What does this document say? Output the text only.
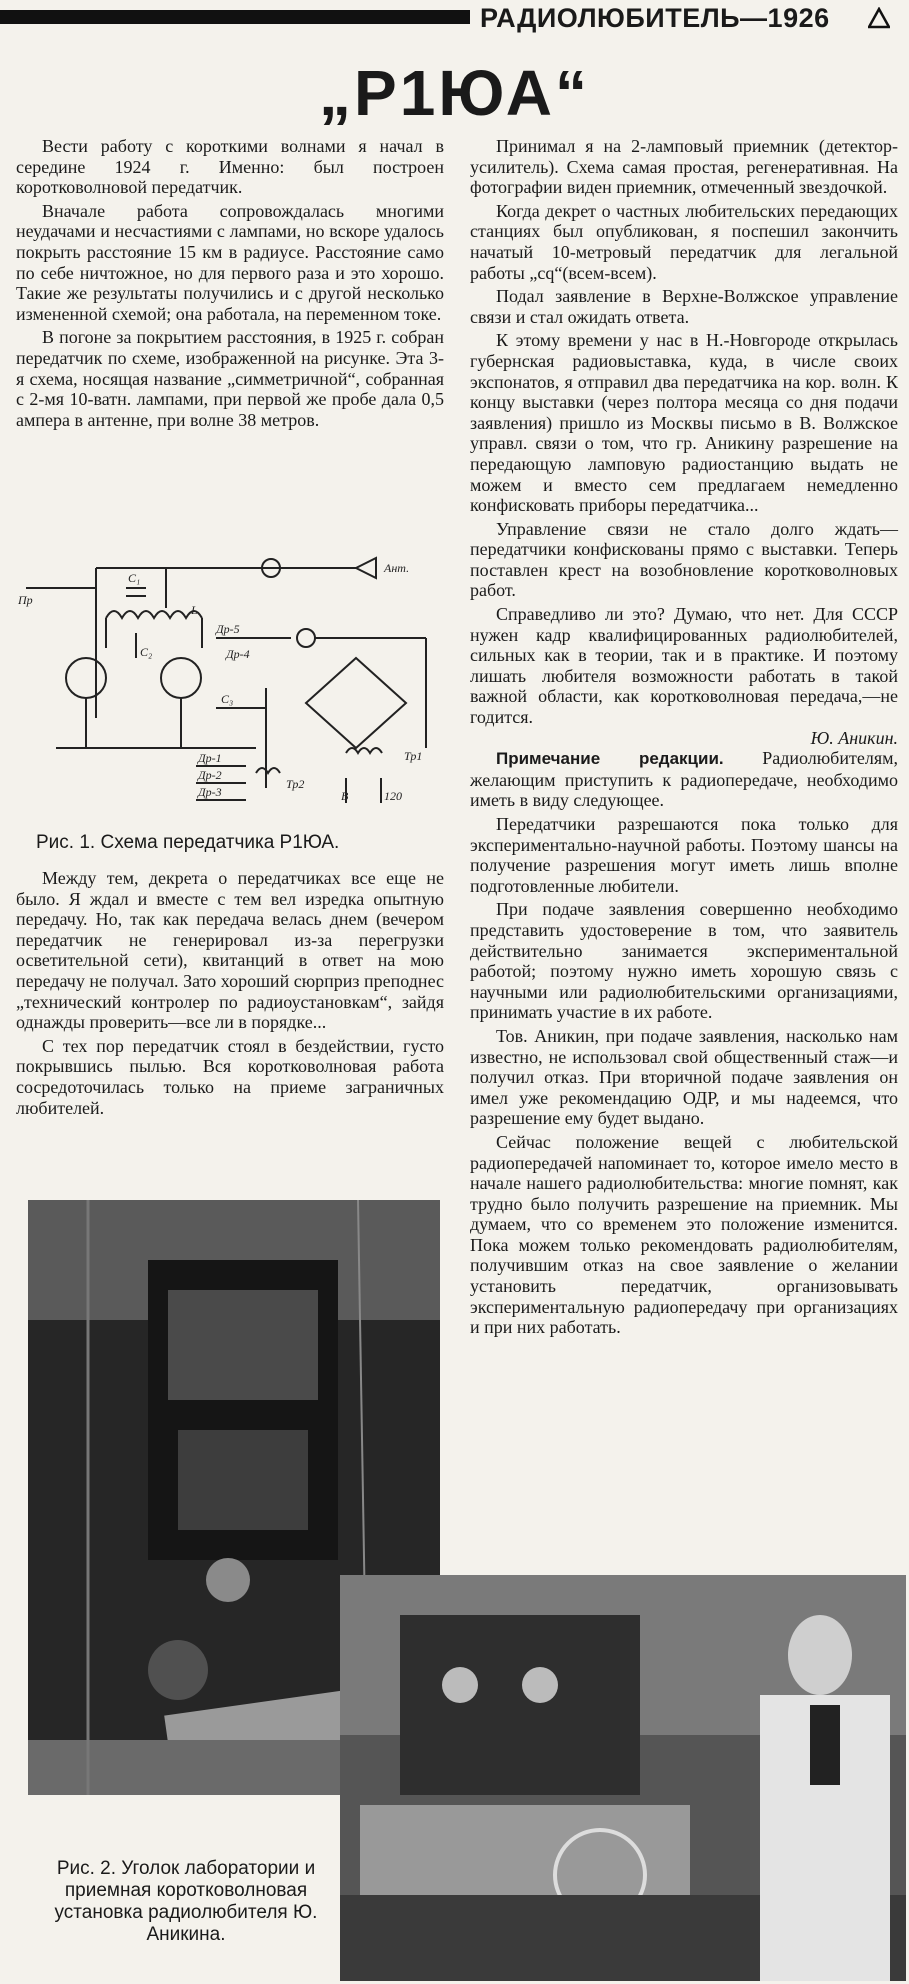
РАДИОЛЮБИТЕЛЬ—1926
„Р1ЮА“

Вести работу с короткими волнами я начал в середине 1924 г. Именно: был построен коротковолновой передатчик.

Вначале работа сопровождалась многими неудачами и несчастиями с лампами, но вскоре удалось покрыть расстояние 15 км в радиусе. Расстояние само по себе ничтожное, но для первого раза и это хорошо. Такие же результаты получились и с другой несколько измененной схемой; она работала, на переменном токе.

В погоне за покрытием расстояния, в 1925 г. собран передатчик по схеме, изображенной на рисунке. Эта 3-я схема, носящая название „симметричной“, собранная с 2-мя 10-ватн. лампами, при первой же пробе дала 0,5 ампера в антенне, при волне 38 метров.

Ант.
Пр
C₁
C₂
C₃
L
Др-4
Др-5
Др-1
Др-2
Др-3
Тр1
Тр2
В	120
Рис. 1. Схема передатчика Р1ЮА.

Между тем, декрета о передатчиках все еще не было. Я ждал и вместе с тем вел изредка опытную передачу. Но, так как передача велась днем (вечером передатчик не генерировал из-за перегрузки осветительной сети), квитанций в ответ на мою передачу не получал. Зато хороший сюрприз преподнес „технический контролер по радиоустановкам“, зайдя однажды проверить—все ли в порядке...

С тех пор передатчик стоял в бездействии, густо покрывшись пылью. Вся коротковолновая работа сосредоточилась только на приеме заграничных любителей.

Принимал я на 2-ламповый приемник (детектор-усилитель). Схема самая простая, регенеративная. На фотографии виден приемник, отмеченный звездочкой.

Когда декрет о частных любительских передающих станциях был опубликован, я поспешил закончить начатый 10-метровый передатчик для легальной работы „cq“(всем-всем).

Подал заявление в Верхне-Волжское управление связи и стал ожидать ответа.

К этому времени у нас в Н.-Новгороде открылась губернская радиовыставка, куда, в числе своих экспонатов, я отправил два передатчика на кор. волн. К концу выставки (через полтора месяца со дня подачи заявления) пришло из Москвы письмо в В. Волжское управл. связи о том, что гр. Аникину разрешение на передающую ламповую радиостанцию выдать не можем и вместо сем предлагаем немедленно конфисковать приборы передатчика...

Управление связи не стало долго ждать—передатчики конфискованы прямо с выставки. Теперь поставлен крест на возобновление коротковолновых работ.

Справедливо ли это? Думаю, что нет. Для СССР нужен кадр квалифицированных радиолюбителей, сильных как в теории, так и в практике. И поэтому лишать любителя возможности работать в такой важной области, как коротковолновая передача,—не годится.

Ю. Аникин.

Примечание редакции. Радиолюбителям, желающим приступить к радиопередаче, необходимо иметь в виду следующее.

Передатчики разрешаются пока только для экспериментально-научной работы. Поэтому шансы на получение разрешения могут иметь лишь вполне подготовленные любители.

При подаче заявления совершенно необходимо представить удостоверение в том, что заявитель действительно занимается экспериментальной работой; поэтому нужно иметь хорошую связь с научными или радиолюбительскими организациями, принимать участие в их работе.

Тов. Аникин, при подаче заявления, насколько нам известно, не использовал свой общественный стаж—и получил отказ. При вторичной подаче заявления он имел уже рекомендацию ОДР, и мы надеемся, что разрешение ему будет выдано.

Сейчас положение вещей с любительской радиопередачей напоминает то, которое имело место в начале нашего радиолюбительства: многие помнят, как трудно было получить разрешение на приемник. Мы думаем, что со временем это положение изменится. Пока можем только рекомендовать радиолюбителям, получившим отказ на свое заявление о желании установить передатчик, организовывать экспериментальную радиопередачу при организациях и при них работать.

Рис. 2. Уголок лаборатории и приемная коротковолновая установка радиолюбителя Ю. Аникина.
